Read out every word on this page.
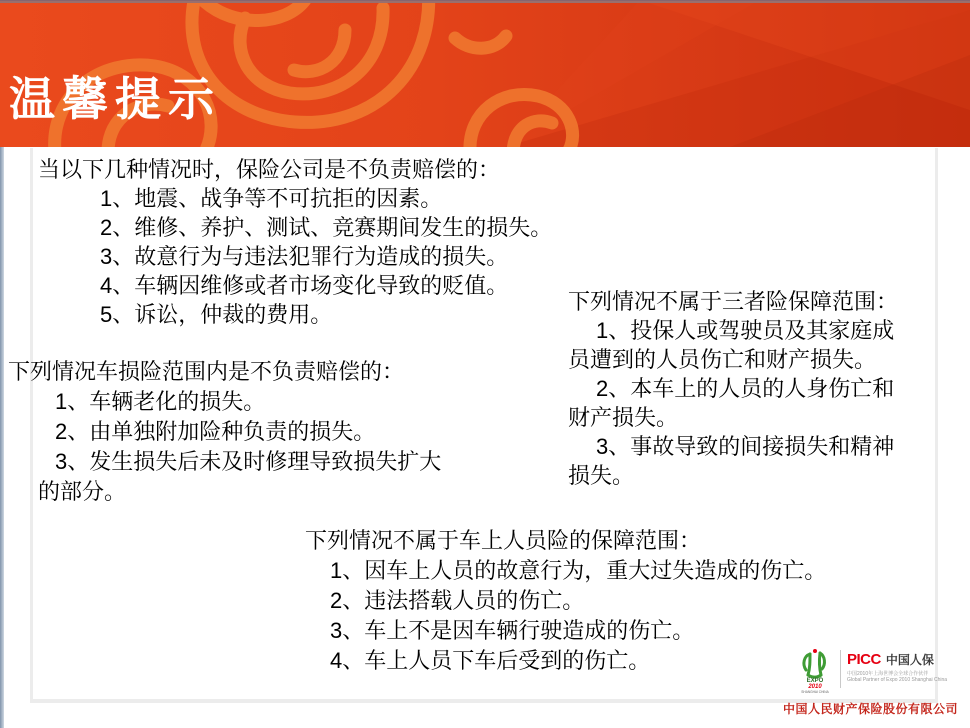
温馨提示
当以下几种情况时，保险公司是不负责赔偿的：
1、地震、战争等不可抗拒的因素。
2、维修、养护、测试、竞赛期间发生的损失。
3、故意行为与违法犯罪行为造成的损失。
4、车辆因维修或者市场变化导致的贬值。
5、诉讼，仲裁的费用。
下列情况车损险范围内是不负责赔偿的：
1、车辆老化的损失。
2、由单独附加险种负责的损失。
3、发生损失后未及时修理导致损失扩大
的部分。
下列情况不属于三者险保障范围：
1、投保人或驾驶员及其家庭成
员遭到的人员伤亡和财产损失。
2、本车上的人员的人身伤亡和
财产损失。
3、事故导致的间接损失和精神
损失。
下列情况不属于车上人员险的保障范围：
1、因车上人员的故意行为，重大过失造成的伤亡。
2、违法搭载人员的伤亡。
3、车上不是因车辆行驶造成的伤亡。
4、车上人员下车后受到的伤亡。
EXPO
2010
SHANGHAI CHINA
PICC 中国人保
中国2010年上海世博会全球合作伙伴
Global Partner of Expo 2010 Shanghai China
中国人民财产保险股份有限公司
